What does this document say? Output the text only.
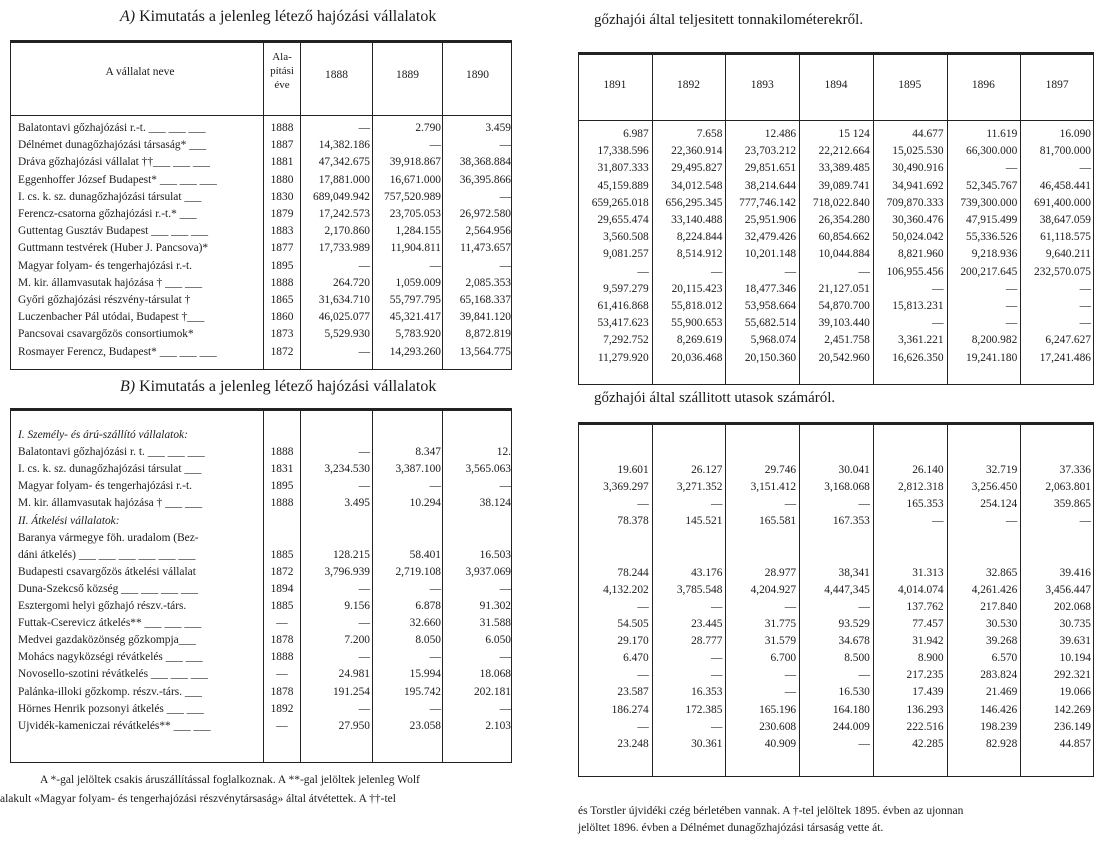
A) Kimutatás a jelenleg létező hajózási vállalatok
A vállalat neve
Ala-
pítási
éve
1888	1889	1890
Balatontavi gőzhajózási r.-t. ___ ___ ___	1888	—	2.790	3.459
Délnémet dunagőzhajózási társaság* ___	1887	14,382.186	—	—
Dráva gőzhajózási vállalat ††___ ___ ___	1881	47,342.675	39,918.867	38,368.884
Eggenhoffer József Budapest* ___ ___ ___	1880	17,881.000	16,671.000	36,395.866
I. cs. k. sz. dunagőzhajózási társulat ___	1830	689,049.942	757,520.989	—
Ferencz-csatorna gőzhajózási r.-t.* ___	1879	17,242.573	23,705.053	26,972.580
Guttentag Gusztáv Budapest ___ ___ ___	1883	2,170.860	1,284.155	2,564.956
Guttmann testvérek (Huber J. Pancsova)*	1877	17,733.989	11,904.811	11,473.657
Magyar folyam- és tengerhajózási r.-t.	1895	—	—	—
M. kir. államvasutak hajózása † ___ ___	1888	264.720	1,059.009	2,085.353
Győri gőzhajózási részvény-társulat †	1865	31,634.710	55,797.795	65,168.337
Luczenbacher Pál utódai, Budapest †___	1860	46,025.077	45,321.417	39,841.120
Pancsovai csavargőzös consortiumok*	1873	5,529.930	5,783.920	8,872.819
Rosmayer Ferencz, Budapest* ___ ___ ___	1872	—	14,293.260	13,564.775
B) Kimutatás a jelenleg létező hajózási vállalatok
I. Személy- és árú-szállító vállalatok:
Balatontavi gőzhajózási r. t. ___ ___ ___	1888	—	8.347	12.
I. cs. k. sz. dunagőzhajózási társulat ___	1831	3,234.530	3,387.100	3,565.063
Magyar folyam- és tengerhajózási r.-t.	1895	—	—	—
M. kir. államvasutak hajózása † ___ ___	1888	3.495	10.294	38.124
II. Átkelési vállalatok:
Baranya vármegye föh. uradalom (Bez-
dáni átkelés) ___ ___ ___ ___ ___ ___	1885	128.215	58.401	16.503
Budapesti csavargőzös átkelési vállalat	1872	3,796.939	2,719.108	3,937.069
Duna-Szekcső község ___ ___ ___ ___	1894	—	—	—
Esztergomi helyi gőzhajó részv.-társ.	1885	9.156	6.878	91.302
Futtak-Cserevicz átkelés** ___ ___ ___	—	—	32.660	31.588
Medvei gazdaközönség gőzkompja___	1878	7.200	8.050	6.050
Mohács nagyközségi révátkelés ___ ___	1888	—	—	—
Novosello-szotini révátkelés ___ ___ ___	—	24.981	15.994	18.068
Palánka-illoki gőzkomp. részv.-társ. ___	1878	191.254	195.742	202.181
Hörnes Henrik pozsonyi átkelés ___ ___	1892	—	—	—
Ujvidék-kameniczai révátkelés** ___ ___	—	27.950	23.058	2.103
A *-gal jelöltek csakis áruszállítással foglalkoznak. A **-gal jelöltek jelenleg Wolf
alakult «Magyar folyam- és tengerhajózási részvénytársaság» által átvétettek. A ††-tel
gőzhajói által teljesitett tonnakilométerekről.
1891	1892	1893	1894	1895	1896	1897
6.987	7.658	12.486	15 124	44.677	11.619	16.090
17,338.596	22,360.914	23,703.212	22,212.664	15,025.530	66,300.000	81,700.000
31,807.333	29,495.827	29,851.651	33,389.485	30,490.916	—	—
45,159.889	34,012.548	38,214.644	39,089.741	34,941.692	52,345.767	46,458.441
659,265.018	656,295.345	777,746.142	718,022.840	709,870.333	739,300.000	691,400.000
29,655.474	33,140.488	25,951.906	26,354.280	30,360.476	47,915.499	38,647.059
3,560.508	8,224.844	32,479.426	60,854.662	50,024.042	55,336.526	61,118.575
9,081.257	8,514.912	10,201.148	10,044.884	8,821.960	9,218.936	9,640.211
—	—	—	—	106,955.456	200,217.645	232,570.075
9,597.279	20,115.423	18,477.346	21,127.051	—	—	—
61,416.868	55,818.012	53,958.664	54,870.700	15,813.231	—	—
53,417.623	55,900.653	55,682.514	39,103.440	—	—	—
7,292.752	8,269.619	5,968.074	2,451.758	3,361.221	8,200.982	6,247.627
11,279.920	20,036.468	20,150.360	20,542.960	16,626.350	19,241.180	17,241.486
gőzhajói által szállitott utasok számáról.
19.601	26.127	29.746	30.041	26.140	32.719	37.336
3,369.297	3,271.352	3,151.412	3,168.068	2,812.318	3,256.450	2,063.801
—	—	—	—	165.353	254.124	359.865
78.378	145.521	165.581	167.353	—	—	—
78.244	43.176	28.977	38,341	31.313	32.865	39.416
4,132.202	3,785.548	4,204.927	4,447,345	4,014.074	4,261.426	3,456.447
—	—	—	—	137.762	217.840	202.068
54.505	23.445	31.775	93.529	77.457	30.530	30.735
29.170	28.777	31.579	34.678	31.942	39.268	39.631
6.470	—	6.700	8.500	8.900	6.570	10.194
—	—	—	—	217.235	283.824	292.321
23.587	16.353	—	16.530	17.439	21.469	19.066
186.274	172.385	165.196	164.180	136.293	146.426	142.269
—	—	230.608	244.009	222.516	198.239	236.149
23.248	30.361	40.909	—	42.285	82.928	44.857
és Torstler újvidéki czég bérletében vannak. A †-tel jelöltek 1895. évben az ujonnan
jelöltet 1896. évben a Délnémet dunagőzhajózási társaság vette át.
